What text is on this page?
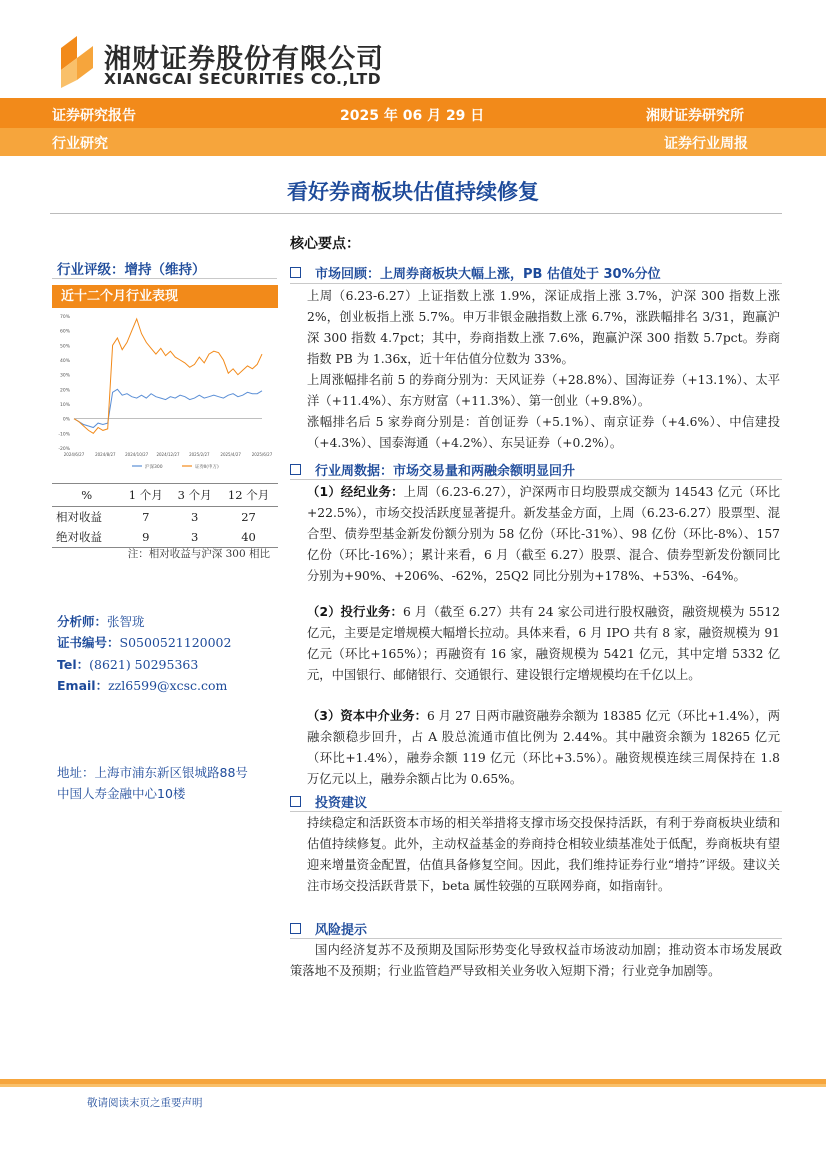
湘财证券股份有限公司
XIANGCAI SECURITIES CO.,LTD
证券研究报告	2025 年 06 月 29 日	湘财证券研究所
行业研究	证券行业周报
看好券商板块估值持续修复
行业评级：增持（维持）
近十二个月行业表现
70%
60%
50%
40%
30%
20%
10%
0%
-10%
-20%
2024/6/27	2024/8/27 2024/10/27 2024/12/27 2025/2/27	2025/4/27	2025/6/27
沪深300	证券Ⅱ(申万)
%	1 个月	3 个月	12 个月
相对收益	7	3	27
绝对收益	9	3	40
注：相对收益与沪深 300 相比
分析师：张智珑
证书编号：S0500521120002
Tel：(8621) 50295363
Email：zzl6599@xcsc.com
地址：上海市浦东新区银城路88号
中国人寿金融中心10楼
核心要点：
市场回顾：上周券商板块大幅上涨，PB 估值处于 30%分位
上周（6.23-6.27）上证指数上涨 1.9%，深证成指上涨 3.7%，沪深 300 指数上涨 2%，创业板指上涨 5.7%。申万非银金融指数上涨 6.7%，涨跌幅排名 3/31，跑赢沪深 300 指数 4.7pct；其中，券商指数上涨 7.6%，跑赢沪深 300 指数 5.7pct。券商指数 PB 为 1.36x，近十年估值分位数为 33%。
上周涨幅排名前 5 的券商分别为：天风证券（+28.8%）、国海证券（+13.1%）、太平洋（+11.4%）、东方财富（+11.3%）、第一创业（+9.8%）。
涨幅排名后 5 家券商分别是：首创证券（+5.1%）、南京证券（+4.6%）、中信建投（+4.3%）、国泰海通（+4.2%）、东吴证券（+0.2%）。
行业周数据：市场交易量和两融余额明显回升
（1）经纪业务：上周（6.23-6.27），沪深两市日均股票成交额为 14543 亿元（环比+22.5%），市场交投活跃度显著提升。新发基金方面，上周（6.23-6.27）股票型、混合型、债券型基金新发份额分别为 58 亿份（环比-31%）、98 亿份（环比-8%）、157 亿份（环比-16%）；累计来看，6 月（截至 6.27）股票、混合、债券型新发份额同比分别为+90%、+206%、-62%，25Q2 同比分别为+178%、+53%、-64%。
（2）投行业务：6 月（截至 6.27）共有 24 家公司进行股权融资，融资规模为 5512 亿元，主要是定增规模大幅增长拉动。具体来看，6 月 IPO 共有 8 家，融资规模为 91 亿元（环比+165%）；再融资有 16 家，融资规模为 5421 亿元，其中定增 5332 亿元，中国银行、邮储银行、交通银行、建设银行定增规模均在千亿以上。
（3）资本中介业务：6 月 27 日两市融资融券余额为 18385 亿元（环比+1.4%），两融余额稳步回升，占 A 股总流通市值比例为 2.44%。其中融资余额为 18265 亿元（环比+1.4%），融券余额 119 亿元（环比+3.5%）。融资规模连续三周保持在 1.8 万亿元以上，融券余额占比为 0.65%。
投资建议
持续稳定和活跃资本市场的相关举措将支撑市场交投保持活跃，有利于券商板块业绩和估值持续修复。此外，主动权益基金的券商持仓相较业绩基准处于低配，券商板块有望迎来增量资金配置，估值具备修复空间。因此，我们维持证券行业“增持”评级。建议关注市场交投活跃背景下，beta 属性较强的互联网券商，如指南针。
风险提示
国内经济复苏不及预期及国际形势变化导致权益市场波动加剧；推动资本市场发展政策落地不及预期；行业监管趋严导致相关业务收入短期下滑；行业竞争加剧等。
敬请阅读末页之重要声明
